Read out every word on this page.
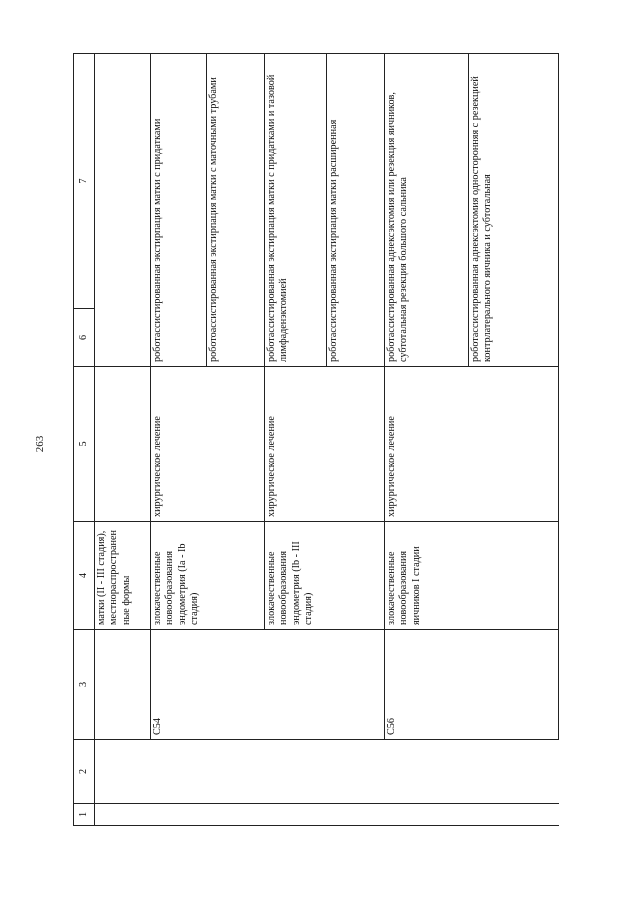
263
1	2	3	4	5	6	7
			матки (II - III стадия), местнораспространенные формы			
		C54	злокачественные новообразования эндометрия (Ia - Ib стадия)	хирургическое лечение	роботассистированная экстирпация матки с придатками	
					роботоассистированная экстирпация матки с маточными трубами	
			злокачественные новообразования эндометрия (Ib - III стадия)	хирургическое лечение	роботассистированная экстирпация матки с придатками и тазовой лимфаденэктомией	
					роботассистированная экстирпация матки расширенная	
		C56	злокачественные новообразования яичников I стадии	хирургическое лечение	роботассистированная аднексэктомия или резекция яичников, субтотальная резекция большого сальника	
					роботассистированная аднексэктомия односторонняя с резекцией контрлатерального яичника и субтотальная	
